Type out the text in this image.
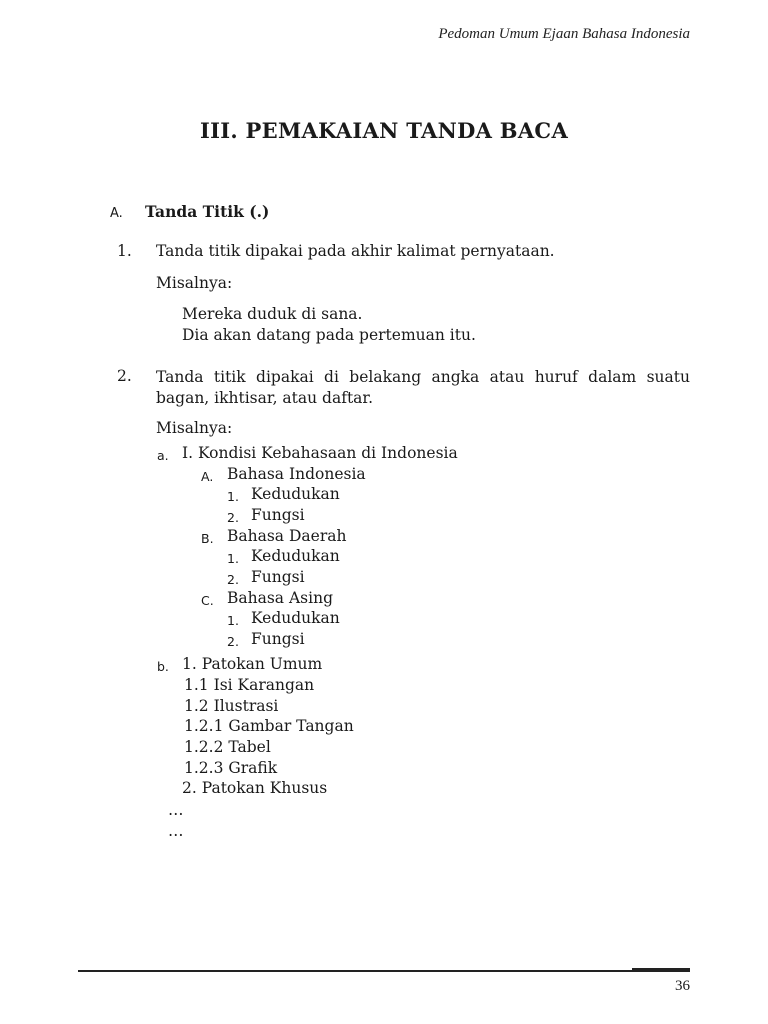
Pedoman Umum Ejaan Bahasa Indonesia
III. PEMAKAIAN TANDA BACA
A. Tanda Titik (.)
1. Tanda titik dipakai pada akhir kalimat pernyataan.
Misalnya:
Mereka duduk di sana.
Dia akan datang pada pertemuan itu.
2. Tanda titik dipakai di belakang angka atau huruf dalam suatu bagan, ikhtisar, atau daftar.
Misalnya:
a. I. Kondisi Kebahasaan di Indonesia
A. Bahasa Indonesia
1. Kedudukan
2. Fungsi
B. Bahasa Daerah
1. Kedudukan
2. Fungsi
C. Bahasa Asing
1. Kedudukan
2. Fungsi
b. 1. Patokan Umum
1.1 Isi Karangan
1.2 Ilustrasi
1.2.1 Gambar Tangan
1.2.2 Tabel
1.2.3 Grafik
2. Patokan Khusus
…
…
36
